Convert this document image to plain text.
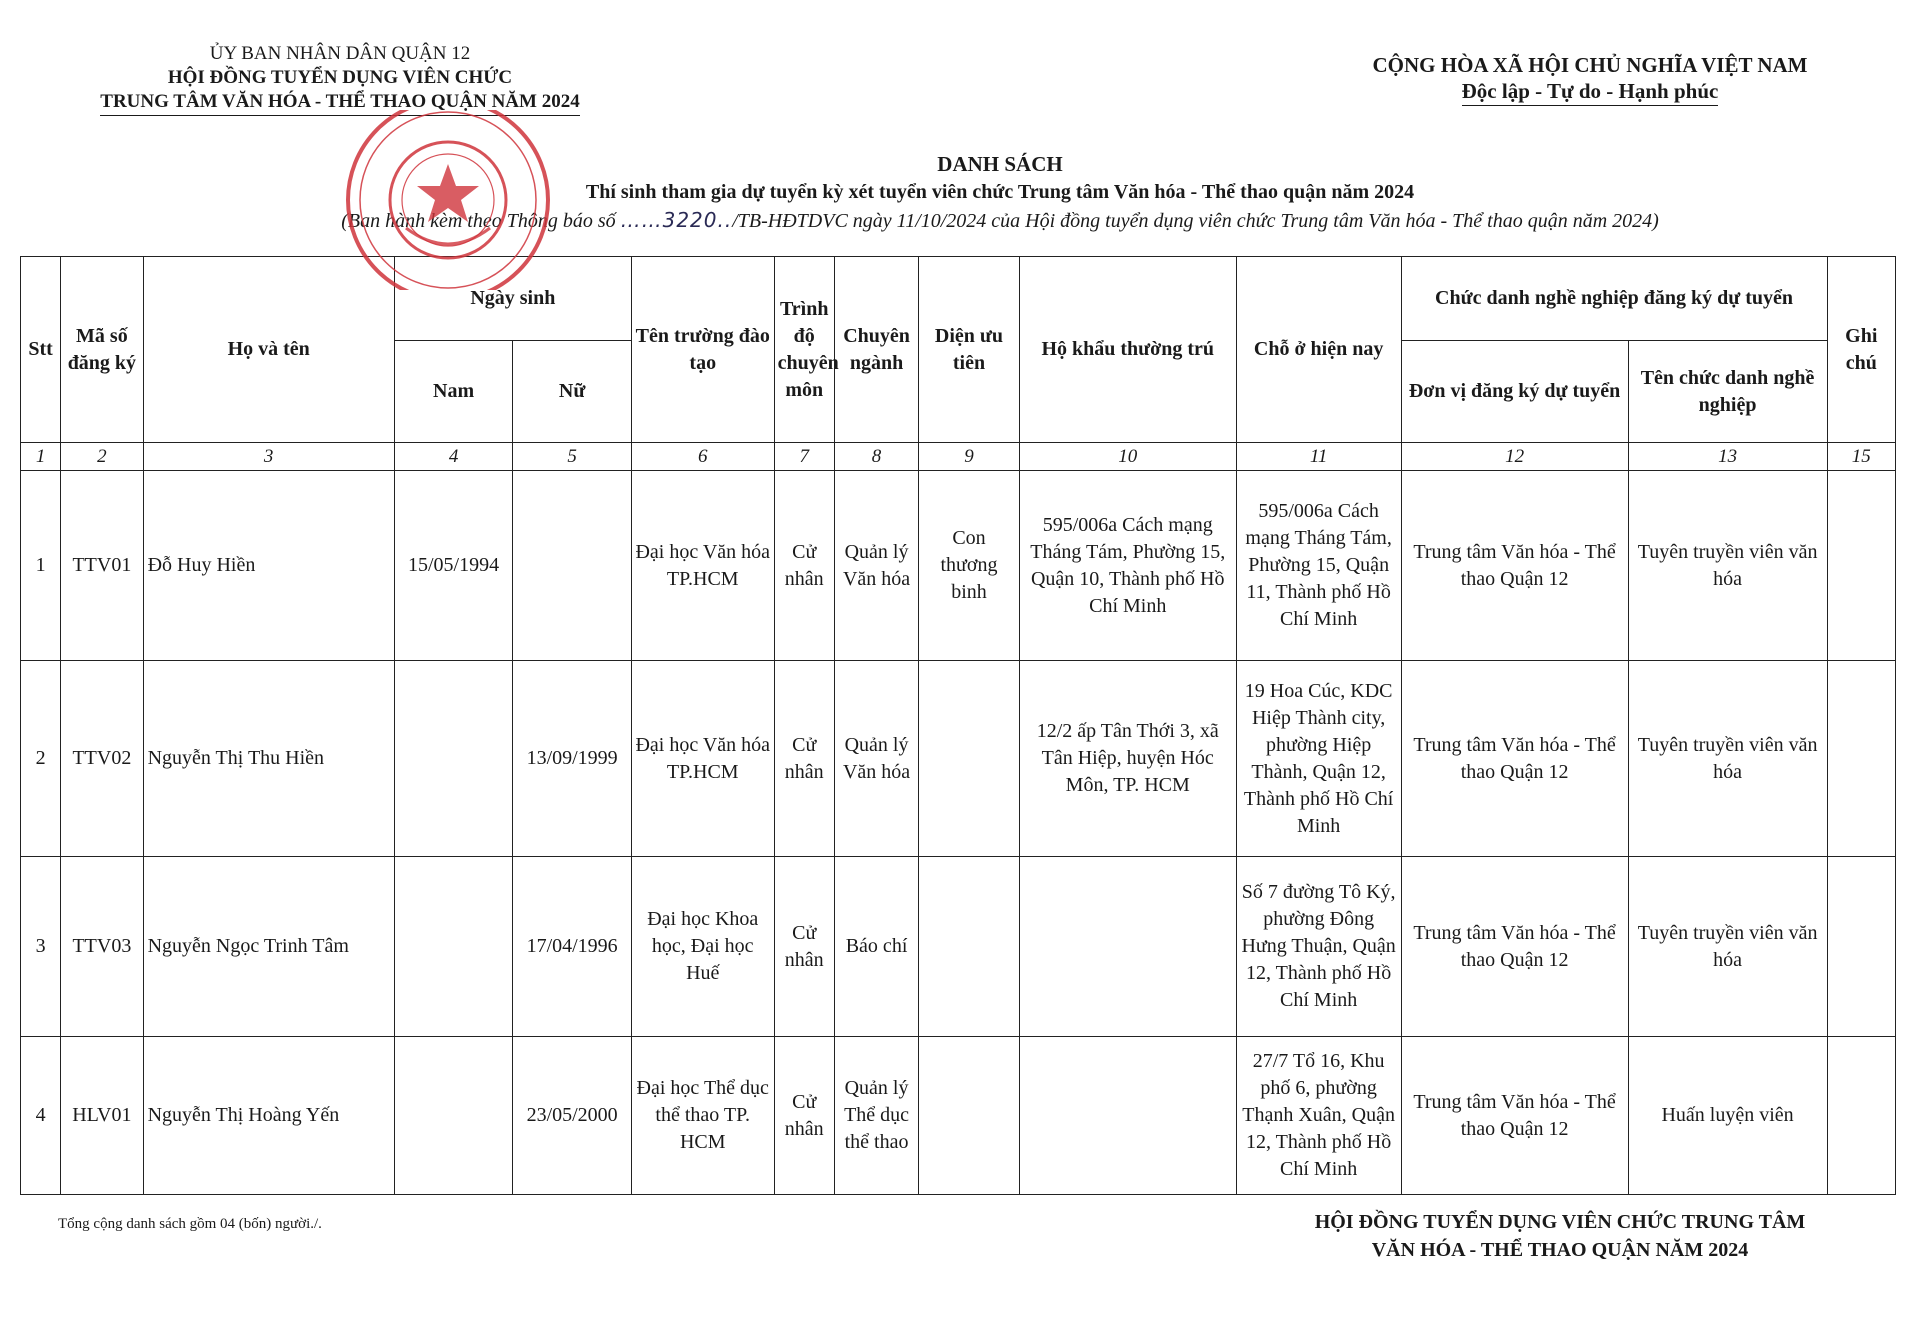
ỦY BAN NHÂN DÂN QUẬN 12
HỘI ĐỒNG TUYỂN DỤNG VIÊN CHỨC
TRUNG TÂM VĂN HÓA - THỂ THAO QUẬN NĂM 2024
CỘNG HÒA XÃ HỘI CHỦ NGHĨA VIỆT NAM
Độc lập - Tự do - Hạnh phúc
DANH SÁCH
Thí sinh tham gia dự tuyển kỳ xét tuyển viên chức Trung tâm Văn hóa - Thể thao quận năm 2024
(Ban hành kèm theo Thông báo số ……3220../TB-HĐTDVC ngày 11/10/2024 của Hội đồng tuyển dụng viên chức Trung tâm Văn hóa - Thể thao quận năm 2024)
Stt	Mã số đăng ký	Họ và tên	Ngày sinh		Tên trường đào tạo	Trình độ chuyên môn	Chuyên ngành	Diện ưu tiên	Hộ khẩu thường trú	Chỗ ở hiện nay	Chức danh nghề nghiệp đăng ký dự tuyển		Ghi chú
			Nam	Nữ							Đơn vị đăng ký dự tuyển	Tên chức danh nghề nghiệp	
1	2	3	4	5	6	7	8	9	10	11	12	13	15
1	TTV01	Đỗ Huy Hiền	15/05/1994		Đại học Văn hóa TP.HCM	Cử nhân	Quản lý Văn hóa	Con thương binh	595/006a Cách mạng Tháng Tám, Phường 15, Quận 10, Thành phố Hồ Chí Minh	595/006a Cách mạng Tháng Tám, Phường 15, Quận 11, Thành phố Hồ Chí Minh	Trung tâm Văn hóa - Thể thao Quận 12	Tuyên truyền viên văn hóa	
2	TTV02	Nguyễn Thị Thu Hiền		13/09/1999	Đại học Văn hóa TP.HCM	Cử nhân	Quản lý Văn hóa		12/2 ấp Tân Thới 3, xã Tân Hiệp, huyện Hóc Môn, TP. HCM	19 Hoa Cúc, KDC Hiệp Thành city, phường Hiệp Thành, Quận 12, Thành phố Hồ Chí Minh	Trung tâm Văn hóa - Thể thao Quận 12	Tuyên truyền viên văn hóa	
3	TTV03	Nguyễn Ngọc Trinh Tâm		17/04/1996	Đại học Khoa học, Đại học Huế	Cử nhân	Báo chí			Số 7 đường Tô Ký, phường Đông Hưng Thuận, Quận 12, Thành phố Hồ Chí Minh	Trung tâm Văn hóa - Thể thao Quận 12	Tuyên truyền viên văn hóa	
4	HLV01	Nguyễn Thị Hoàng Yến		23/05/2000	Đại học Thể dục thể thao TP. HCM	Cử nhân	Quản lý Thể dục thể thao			27/7 Tổ 16, Khu phố 6, phường Thạnh Xuân, Quận 12, Thành phố Hồ Chí Minh	Trung tâm Văn hóa - Thể thao Quận 12	Huấn luyện viên	
Tổng cộng danh sách gồm 04 (bốn) người./.	HỘI ĐỒNG TUYỂN DỤNG VIÊN CHỨC TRUNG TÂM
VĂN HÓA - THỂ THAO QUẬN NĂM 2024
